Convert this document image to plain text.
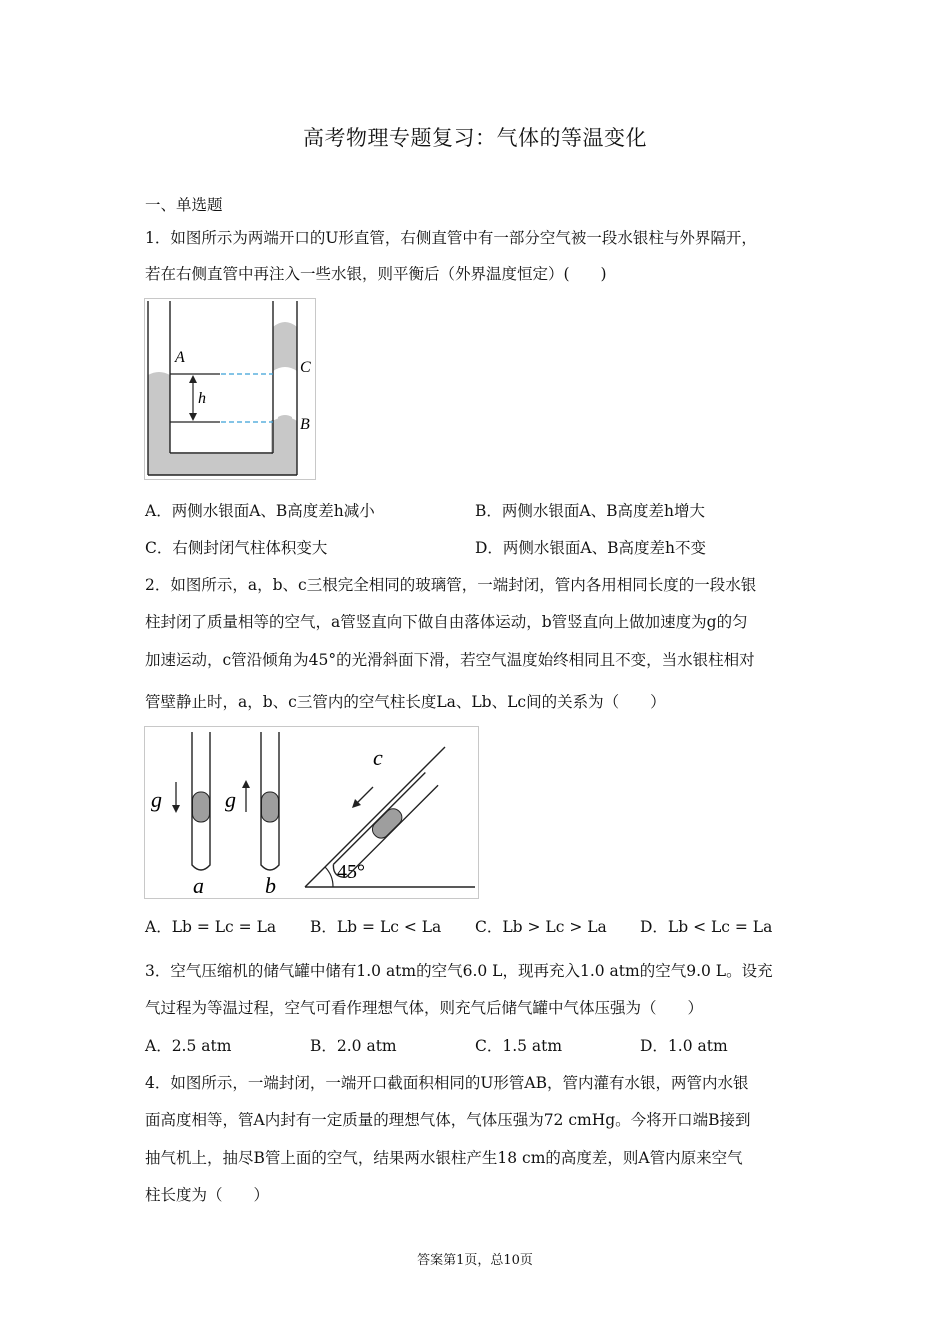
高考物理专题复习：气体的等温变化
一、单选题
1．如图所示为两端开口的U形直管，右侧直管中有一部分空气被一段水银柱与外界隔开，
若在右侧直管中再注入一些水银，则平衡后（外界温度恒定）(　　)
A
h
C
B
A．两侧水银面A、B高度差h减小	B．两侧水银面A、B高度差h增大
C．右侧封闭气柱体积变大	D．两侧水银面A、B高度差h不变
2．如图所示，a，b、c三根完全相同的玻璃管，一端封闭，管内各用相同长度的一段水银
柱封闭了质量相等的空气，a管竖直向下做自由落体运动，b管竖直向上做加速度为g的匀
加速运动，c管沿倾角为45°的光滑斜面下滑，若空气温度始终相同且不变，当水银柱相对
管壁静止时，a，b、c三管内的空气柱长度La、Lb、Lc间的关系为（　　）
g	g
a	b
45°
c
A．Lb = Lc = La B．Lb = Lc < La C．Lb > Lc > La D．Lb < Lc = La
3．空气压缩机的储气罐中储有1.0 atm的空气6.0 L，现再充入1.0 atm的空气9.0 L。设充
气过程为等温过程，空气可看作理想气体，则充气后储气罐中气体压强为（　　）
A．2.5 atm	B．2.0 atm	C．1.5 atm	D．1.0 atm
4．如图所示，一端封闭，一端开口截面积相同的U形管AB，管内灌有水银，两管内水银
面高度相等，管A内封有一定质量的理想气体，气体压强为72 cmHg。今将开口端B接到
抽气机上，抽尽B管上面的空气，结果两水银柱产生18 cm的高度差，则A管内原来空气
柱长度为（　　）
答案第1页，总10页
